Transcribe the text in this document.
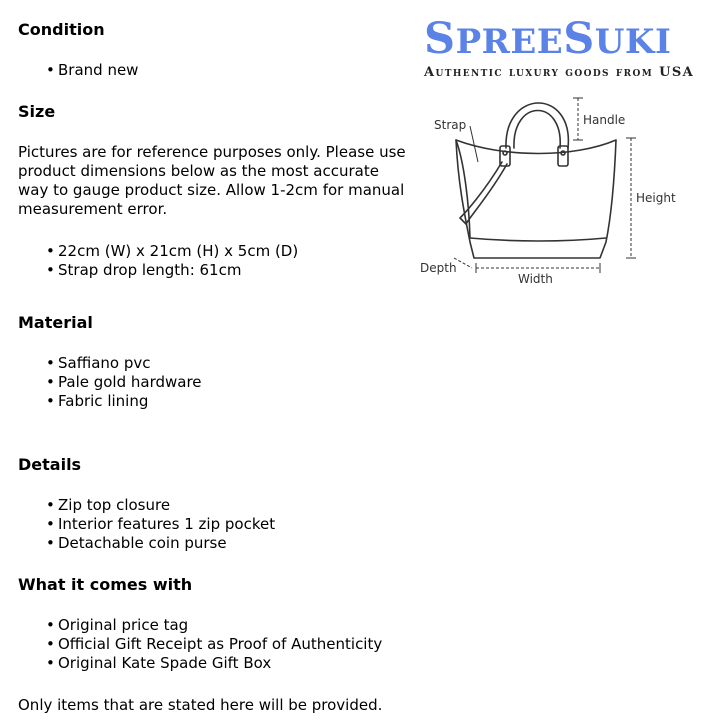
Condition
• Brand new
Size
Pictures are for reference purposes only. Please use product dimensions below as the most accurate way to gauge product size. Allow 1-2cm for manual measurement error.
• 22cm (W) x 21cm (H) x 5cm (D)
• Strap drop length: 61cm
Material
• Saffiano pvc
• Pale gold hardware
• Fabric lining
Details
• Zip top closure
• Interior features 1 zip pocket
• Detachable coin purse
What it comes with
• Original price tag
• Official Gift Receipt as Proof of Authenticity
• Original Kate Spade Gift Box
Only items that are stated here will be provided.
SPREESUKI
Authentic luxury goods from USA
Strap	Handle
Height
Depth
Width
